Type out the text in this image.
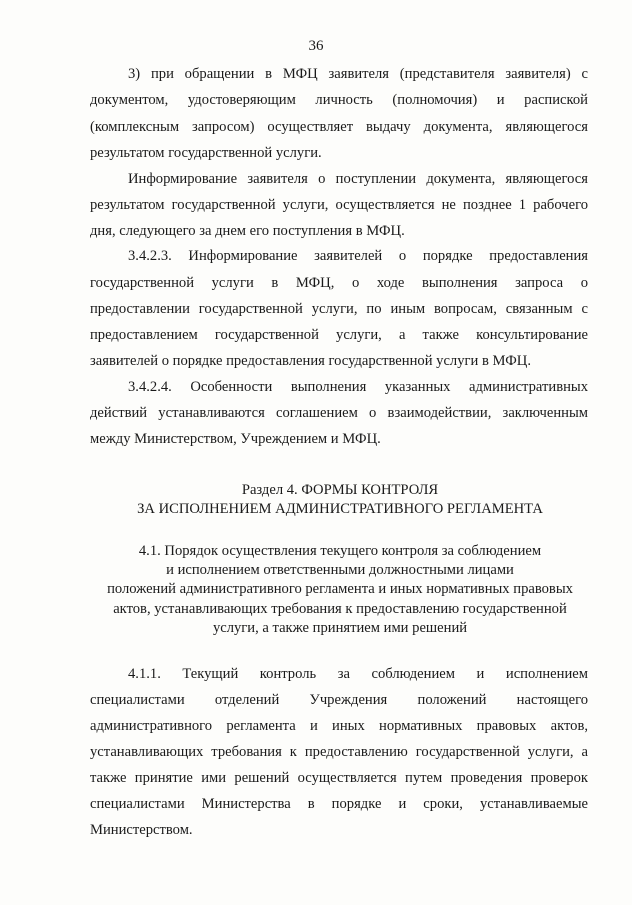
36
3) при обращении в МФЦ заявителя (представителя заявителя) с
документом, удостоверяющим личность (полномочия) и распиской
(комплексным запросом) осуществляет выдачу документа, являющегося
результатом государственной услуги.
Информирование заявителя о поступлении документа, являющегося
результатом государственной услуги, осуществляется не позднее 1 рабочего
дня, следующего за днем его поступления в МФЦ.
3.4.2.3. Информирование заявителей о порядке предоставления
государственной услуги в МФЦ, о ходе выполнения запроса о
предоставлении государственной услуги, по иным вопросам, связанным с
предоставлением государственной услуги, а также консультирование
заявителей о порядке предоставления государственной услуги в МФЦ.
3.4.2.4. Особенности выполнения указанных административных
действий устанавливаются соглашением о взаимодействии, заключенным
между Министерством, Учреждением и МФЦ.
Раздел 4. ФОРМЫ КОНТРОЛЯ
ЗА ИСПОЛНЕНИЕМ АДМИНИСТРАТИВНОГО РЕГЛАМЕНТА
4.1. Порядок осуществления текущего контроля за соблюдением
и исполнением ответственными должностными лицами
положений административного регламента и иных нормативных правовых
актов, устанавливающих требования к предоставлению государственной
услуги, а также принятием ими решений
4.1.1. Текущий контроль за соблюдением и исполнением
специалистами отделений Учреждения положений настоящего
административного регламента и иных нормативных правовых актов,
устанавливающих требования к предоставлению государственной услуги, а
также принятие ими решений осуществляется путем проведения проверок
специалистами Министерства в порядке и сроки, устанавливаемые
Министерством.
